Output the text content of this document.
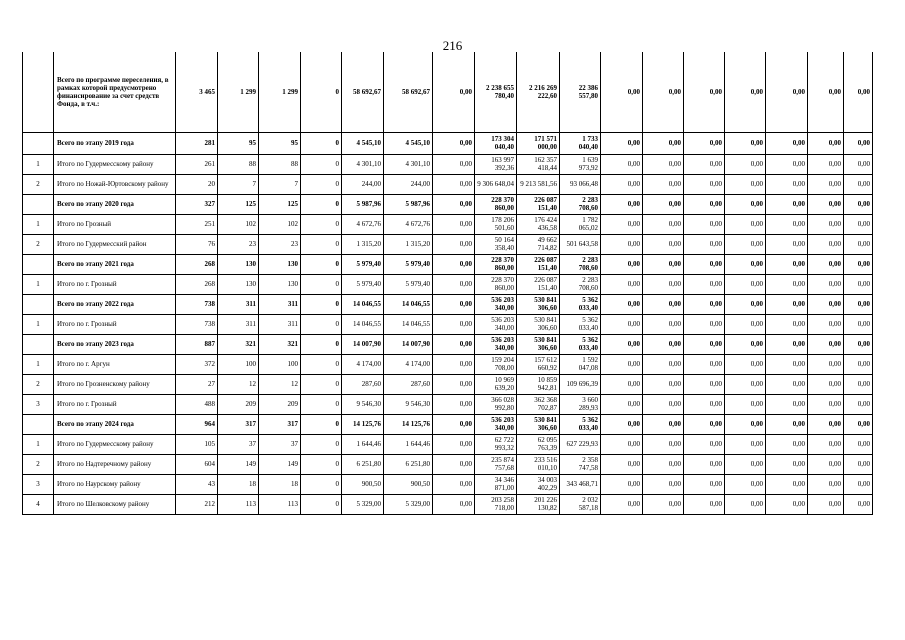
216
	Всего по программе переселения, в рамках которой предусмотрено финансирование за счет средств Фонда, в т.ч.:	3 465	1 299	1 299	0	58 692,67	58 692,67	0,00	2 238 655 780,40	2 216 269 222,60	22 386 557,80	0,00	0,00	0,00	0,00	0,00	0,00	0,00
	Всего по этапу 2019 года	281	95	95	0	4 545,10	4 545,10	0,00	173 304 040,40	171 571 000,00	1 733 040,40	0,00	0,00	0,00	0,00	0,00	0,00	0,00
1	Итого по Гудермесскому району	261	88	88	0	4 301,10	4 301,10	0,00	163 997 392,36	162 357 418,44	1 639 973,92	0,00	0,00	0,00	0,00	0,00	0,00	0,00
2	Итого по Ножай-Юртовскому району	20	7	7	0	244,00	244,00	0,00	9 306 648,04	9 213 581,56	93 066,48	0,00	0,00	0,00	0,00	0,00	0,00	0,00
	Всего по этапу 2020 года	327	125	125	0	5 987,96	5 987,96	0,00	228 370 860,00	226 087 151,40	2 283 708,60	0,00	0,00	0,00	0,00	0,00	0,00	0,00
1	Итого по Грозный	251	102	102	0	4 672,76	4 672,76	0,00	178 206 501,60	176 424 436,58	1 782 065,02	0,00	0,00	0,00	0,00	0,00	0,00	0,00
2	Итого по Гудермесский район	76	23	23	0	1 315,20	1 315,20	0,00	50 164 358,40	49 662 714,82	501 643,58	0,00	0,00	0,00	0,00	0,00	0,00	0,00
	Всего по этапу 2021 года	268	130	130	0	5 979,40	5 979,40	0,00	228 370 860,00	226 087 151,40	2 283 708,60	0,00	0,00	0,00	0,00	0,00	0,00	0,00
1	Итого по г. Грозный	268	130	130	0	5 979,40	5 979,40	0,00	228 370 860,00	226 087 151,40	2 283 708,60	0,00	0,00	0,00	0,00	0,00	0,00	0,00
	Всего по этапу 2022 года	738	311	311	0	14 046,55	14 046,55	0,00	536 203 340,00	530 841 306,60	5 362 033,40	0,00	0,00	0,00	0,00	0,00	0,00	0,00
1	Итого по г. Грозный	738	311	311	0	14 046,55	14 046,55	0,00	536 203 340,00	530 841 306,60	5 362 033,40	0,00	0,00	0,00	0,00	0,00	0,00	0,00
	Всего по этапу 2023 года	887	321	321	0	14 007,90	14 007,90	0,00	536 203 340,00	530 841 306,60	5 362 033,40	0,00	0,00	0,00	0,00	0,00	0,00	0,00
1	Итого по г. Аргун	372	100	100	0	4 174,00	4 174,00	0,00	159 204 708,00	157 612 660,92	1 592 047,08	0,00	0,00	0,00	0,00	0,00	0,00	0,00
2	Итого по Грозненскому району	27	12	12	0	287,60	287,60	0,00	10 969 639,20	10 859 942,81	109 696,39	0,00	0,00	0,00	0,00	0,00	0,00	0,00
3	Итого по г. Грозный	488	209	209	0	9 546,30	9 546,30	0,00	366 028 992,80	362 368 702,87	3 660 289,93	0,00	0,00	0,00	0,00	0,00	0,00	0,00
	Всего по этапу 2024 года	964	317	317	0	14 125,76	14 125,76	0,00	536 203 340,00	530 841 306,60	5 362 033,40	0,00	0,00	0,00	0,00	0,00	0,00	0,00
1	Итого по Гудермесскому району	105	37	37	0	1 644,46	1 644,46	0,00	62 722 993,32	62 095 763,39	627 229,93	0,00	0,00	0,00	0,00	0,00	0,00	0,00
2	Итого по Надтеречному району	604	149	149	0	6 251,80	6 251,80	0,00	235 874 757,68	233 516 010,10	2 358 747,58	0,00	0,00	0,00	0,00	0,00	0,00	0,00
3	Итого по Наурскому району	43	18	18	0	900,50	900,50	0,00	34 346 871,00	34 003 402,29	343 468,71	0,00	0,00	0,00	0,00	0,00	0,00	0,00
4	Итого по Шелковскому району	212	113	113	0	5 329,00	5 329,00	0,00	203 258 718,00	201 226 130,82	2 032 587,18	0,00	0,00	0,00	0,00	0,00	0,00	0,00
